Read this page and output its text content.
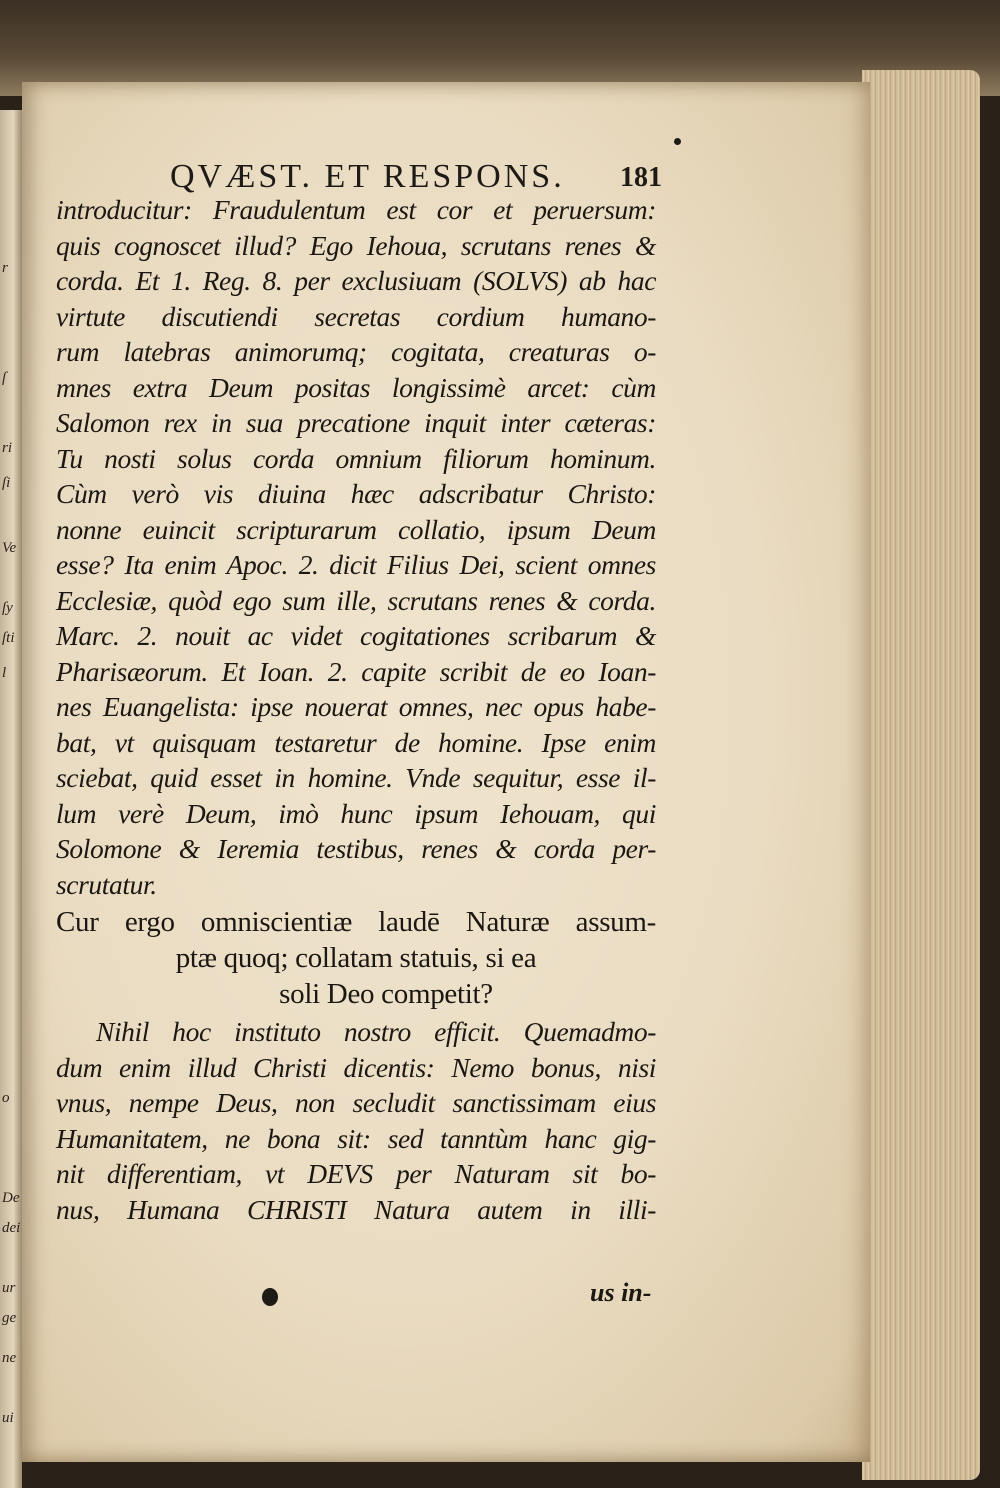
r
ſ
ri
ſi
Ve
ſy
ſti
l
o
De
dei
ur
ge
ne
ui
QVÆST. ET RESPONS. 181
introducitur: Fraudulentum est cor et peruersum:
quis cognoscet illud? Ego Iehoua, scrutans renes &
corda. Et 1. Reg. 8. per exclusiuam (SOLVS) ab hac
virtute discutiendi secretas cordium humano-
rum latebras animorumq; cogitata, creaturas o-
mnes extra Deum positas longissimè arcet: cùm
Salomon rex in sua precatione inquit inter cæteras:
Tu nosti solus corda omnium filiorum hominum.
Cùm verò vis diuina hæc adscribatur Christo:
nonne euincit scripturarum collatio, ipsum Deum
esse? Ita enim Apoc. 2. dicit Filius Dei, scient omnes
Ecclesiæ, quòd ego sum ille, scrutans renes & corda.
Marc. 2. nouit ac videt cogitationes scribarum &
Pharisæorum. Et Ioan. 2. capite scribit de eo Ioan-
nes Euangelista: ipse nouerat omnes, nec opus habe-
bat, vt quisquam testaretur de homine. Ipse enim
sciebat, quid esset in homine. Vnde sequitur, esse il-
lum verè Deum, imò hunc ipsum Iehouam, qui
Solomone & Ieremia testibus, renes & corda per-
scrutatur.
Cur ergo omniscientiæ laudē Naturæ assum-
ptæ quoq; collatam statuis, si ea
soli Deo competit?
Nihil hoc instituto nostro efficit. Quemadmo-
dum enim illud Christi dicentis: Nemo bonus, nisi
vnus, nempe Deus, non secludit sanctissimam eius
Humanitatem, ne bona sit: sed tanntùm hanc gig-
nit differentiam, vt DEVS per Naturam sit bo-
nus, Humana CHRISTI Natura autem in illi-
us in-
